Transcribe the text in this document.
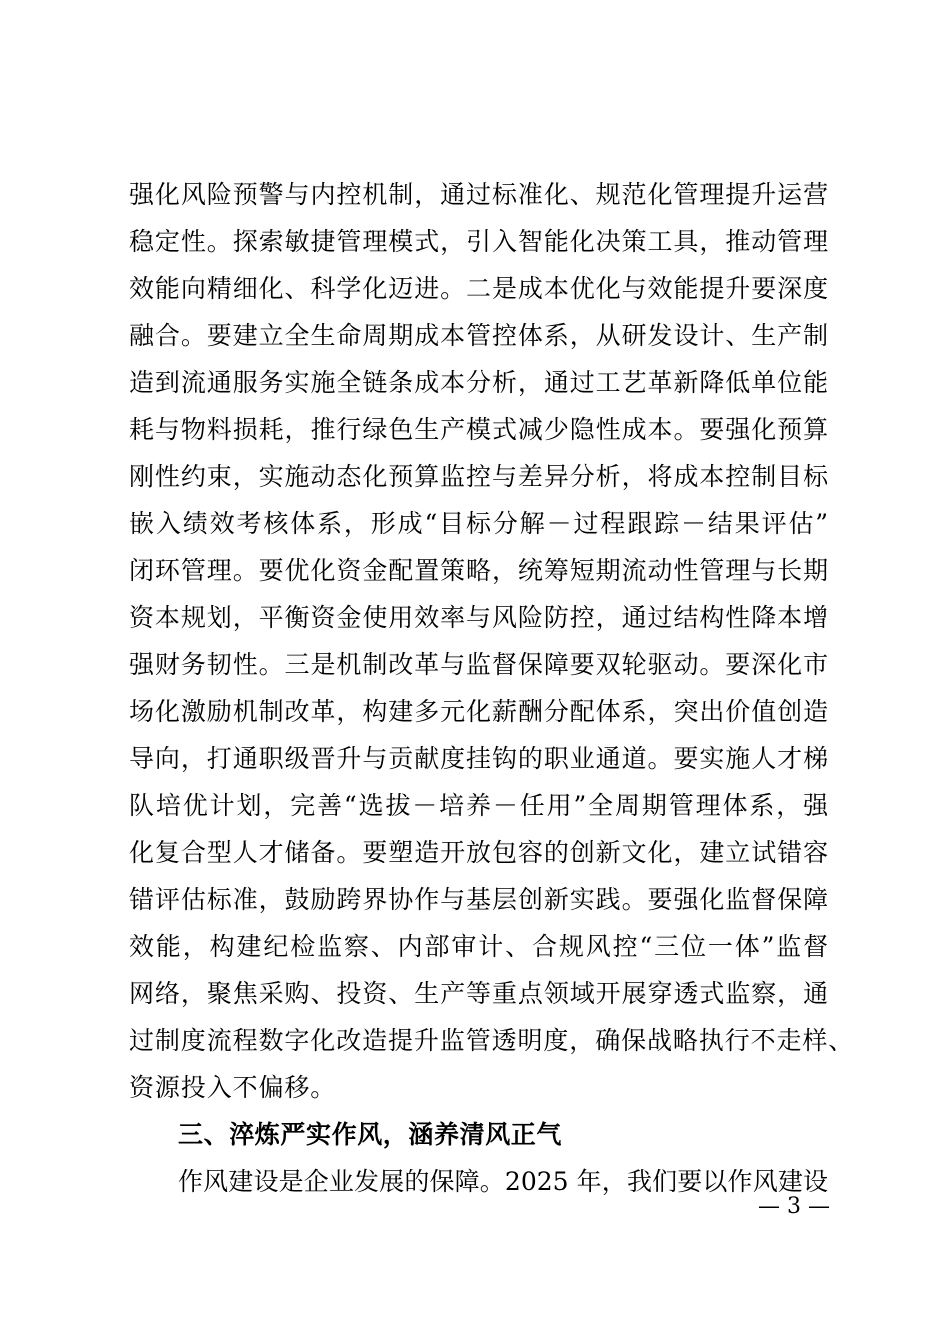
强化风险预警与内控机制，通过标准化、规范化管理提升运营
稳定性。探索敏捷管理模式，引入智能化决策工具，推动管理
效能向精细化、科学化迈进。二是成本优化与效能提升要深度
融合。要建立全生命周期成本管控体系，从研发设计、生产制
造到流通服务实施全链条成本分析，通过工艺革新降低单位能
耗与物料损耗，推行绿色生产模式减少隐性成本。要强化预算
刚性约束，实施动态化预算监控与差异分析，将成本控制目标
嵌入绩效考核体系，形成“目标分解－过程跟踪－结果评估”
闭环管理。要优化资金配置策略，统筹短期流动性管理与长期
资本规划，平衡资金使用效率与风险防控，通过结构性降本增
强财务韧性。三是机制改革与监督保障要双轮驱动。要深化市
场化激励机制改革，构建多元化薪酬分配体系，突出价值创造
导向，打通职级晋升与贡献度挂钩的职业通道。要实施人才梯
队培优计划，完善“选拔－培养－任用”全周期管理体系，强
化复合型人才储备。要塑造开放包容的创新文化，建立试错容
错评估标准，鼓励跨界协作与基层创新实践。要强化监督保障
效能，构建纪检监察、内部审计、合规风控“三位一体”监督
网络，聚焦采购、投资、生产等重点领域开展穿透式监察，通
过制度流程数字化改造提升监管透明度，确保战略执行不走样、
资源投入不偏移。
三、淬炼严实作风，涵养清风正气
作风建设是企业发展的保障。2025 年，我们要以作风建设
— 3 —
